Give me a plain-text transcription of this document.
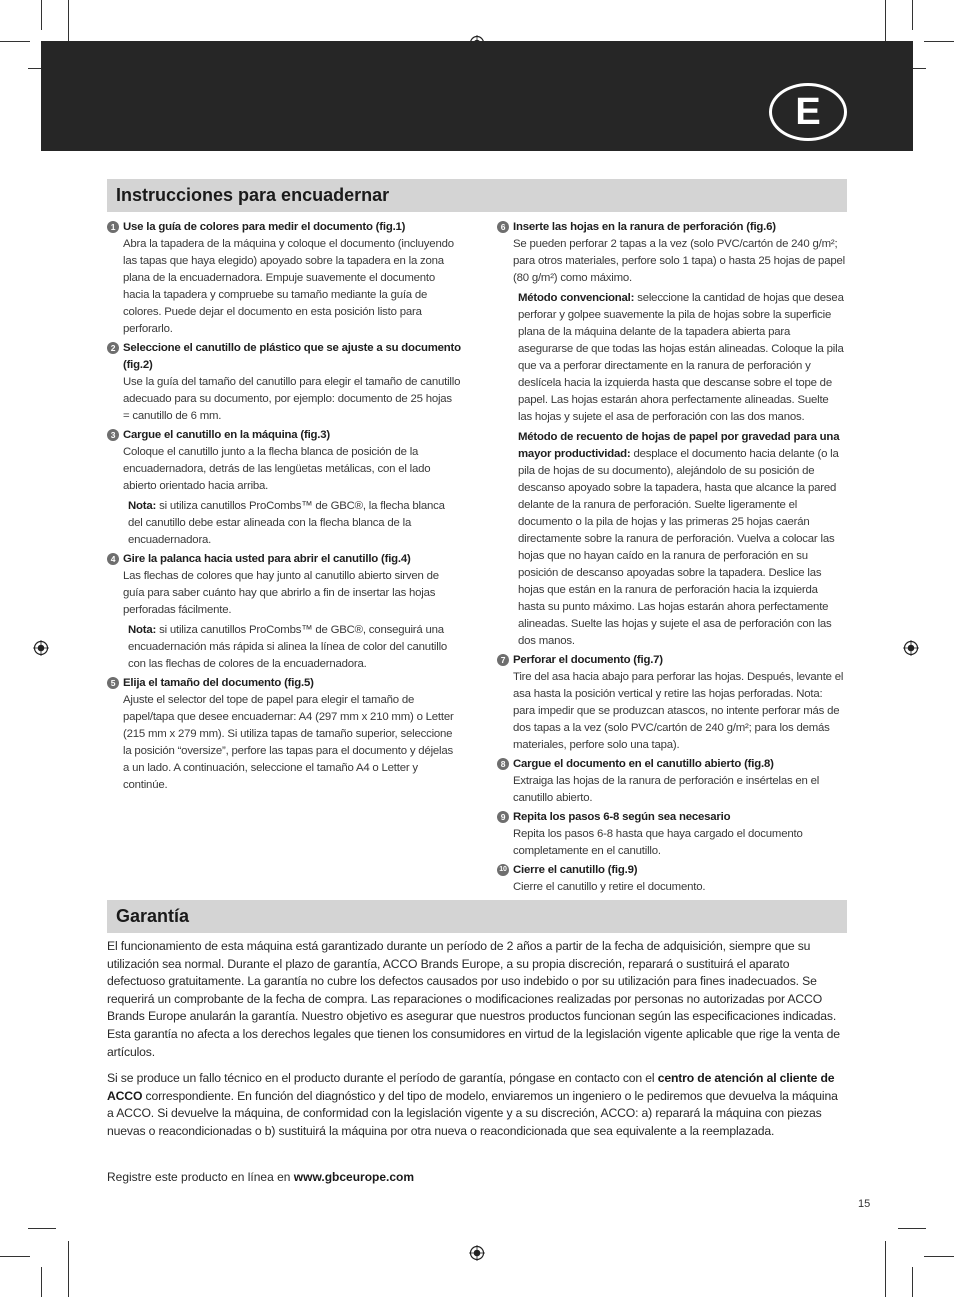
E
Instrucciones para encuadernar
1 Use la guía de colores para medir el documento (fig.1)
Abra la tapadera de la máquina y coloque el documento (incluyendo las tapas que haya elegido) apoyado sobre la tapadera en la zona plana de la encuadernadora. Empuje suavemente el documento hacia la tapadera y compruebe su tamaño mediante la guía de colores. Puede dejar el documento en esta posición listo para perforarlo.
2 Seleccione el canutillo de plástico que se ajuste a su documento (fig.2)
Use la guía del tamaño del canutillo para elegir el tamaño de canutillo adecuado para su documento, por ejemplo: documento de 25 hojas = canutillo de 6 mm.
3 Cargue el canutillo en la máquina (fig.3)
Coloque el canutillo junto a la flecha blanca de posición de la encuadernadora, detrás de las lengüetas metálicas, con el lado abierto orientado hacia arriba.
Nota: si utiliza canutillos ProCombs™ de GBC®, la flecha blanca del canutillo debe estar alineada con la flecha blanca de la encuadernadora.
4 Gire la palanca hacia usted para abrir el canutillo (fig.4)
Las flechas de colores que hay junto al canutillo abierto sirven de guía para saber cuánto hay que abrirlo a fin de insertar las hojas perforadas fácilmente.
Nota: si utiliza canutillos ProCombs™ de GBC®, conseguirá una encuadernación más rápida si alinea la línea de color del canutillo con las flechas de colores de la encuadernadora.
5 Elija el tamaño del documento (fig.5)
Ajuste el selector del tope de papel para elegir el tamaño de papel/tapa que desee encuadernar: A4 (297 mm x 210 mm) o Letter (215 mm x 279 mm). Si utiliza tapas de tamaño superior, seleccione la posición “oversize”, perfore las tapas para el documento y déjelas a un lado. A continuación, seleccione el tamaño A4 o Letter y continúe.
6 Inserte las hojas en la ranura de perforación (fig.6)
Se pueden perforar 2 tapas a la vez (solo PVC/cartón de 240 g/m²; para otros materiales, perfore solo 1 tapa) o hasta 25 hojas de papel (80 g/m²) como máximo.
Método convencional: seleccione la cantidad de hojas que desea perforar y golpee suavemente la pila de hojas sobre la superficie plana de la máquina delante de la tapadera abierta para asegurarse de que todas las hojas están alineadas. Coloque la pila que va a perforar directamente en la ranura de perforación y deslícela hacia la izquierda hasta que descanse sobre el tope de papel. Las hojas estarán ahora perfectamente alineadas. Suelte las hojas y sujete el asa de perforación con las dos manos.
Método de recuento de hojas de papel por gravedad para una mayor productividad: desplace el documento hacia delante (o la pila de hojas de su documento), alejándolo de su posición de descanso apoyado sobre la tapadera, hasta que alcance la pared delante de la ranura de perforación. Suelte ligeramente el documento o la pila de hojas y las primeras 25 hojas caerán directamente sobre la ranura de perforación. Vuelva a colocar las hojas que no hayan caído en la ranura de perforación en su posición de descanso apoyadas sobre la tapadera. Deslice las hojas que están en la ranura de perforación hacia la izquierda hasta su punto máximo. Las hojas estarán ahora perfectamente alineadas. Suelte las hojas y sujete el asa de perforación con las dos manos.
7 Perforar el documento (fig.7)
Tire del asa hacia abajo para perforar las hojas. Después, levante el asa hasta la posición vertical y retire las hojas perforadas. Nota: para impedir que se produzcan atascos, no intente perforar más de dos tapas a la vez (solo PVC/cartón de 240 g/m²; para los demás materiales, perfore solo una tapa).
8 Cargue el documento en el canutillo abierto (fig.8)
Extraiga las hojas de la ranura de perforación e insértelas en el canutillo abierto.
9 Repita los pasos 6-8 según sea necesario
Repita los pasos 6-8 hasta que haya cargado el documento completamente en el canutillo.
10 Cierre el canutillo (fig.9)
Cierre el canutillo y retire el documento.
Garantía

El funcionamiento de esta máquina está garantizado durante un período de 2 años a partir de la fecha de adquisición, siempre que su utilización sea normal. Durante el plazo de garantía, ACCO Brands Europe, a su propia discreción, reparará o sustituirá el aparato defectuoso gratuitamente. La garantía no cubre los defectos causados por uso indebido o por su utilización para fines inadecuados. Se requerirá un comprobante de la fecha de compra. Las reparaciones o modificaciones realizadas por personas no autorizadas por ACCO Brands Europe anularán la garantía. Nuestro objetivo es asegurar que nuestros productos funcionan según las especificaciones indicadas. Esta garantía no afecta a los derechos legales que tienen los consumidores en virtud de la legislación vigente aplicable que rige la venta de artículos.

Si se produce un fallo técnico en el producto durante el período de garantía, póngase en contacto con el centro de atención al cliente de ACCO correspondiente. En función del diagnóstico y del tipo de modelo, enviaremos un ingeniero o le pediremos que devuelva la máquina a ACCO. Si devuelve la máquina, de conformidad con la legislación vigente y a su discreción, ACCO: a) reparará la máquina con piezas nuevas o reacondicionadas o b) sustituirá la máquina por otra nueva o reacondicionada que sea equivalente a la reemplazada.

Registre este producto en línea en www.gbceurope.com
15
